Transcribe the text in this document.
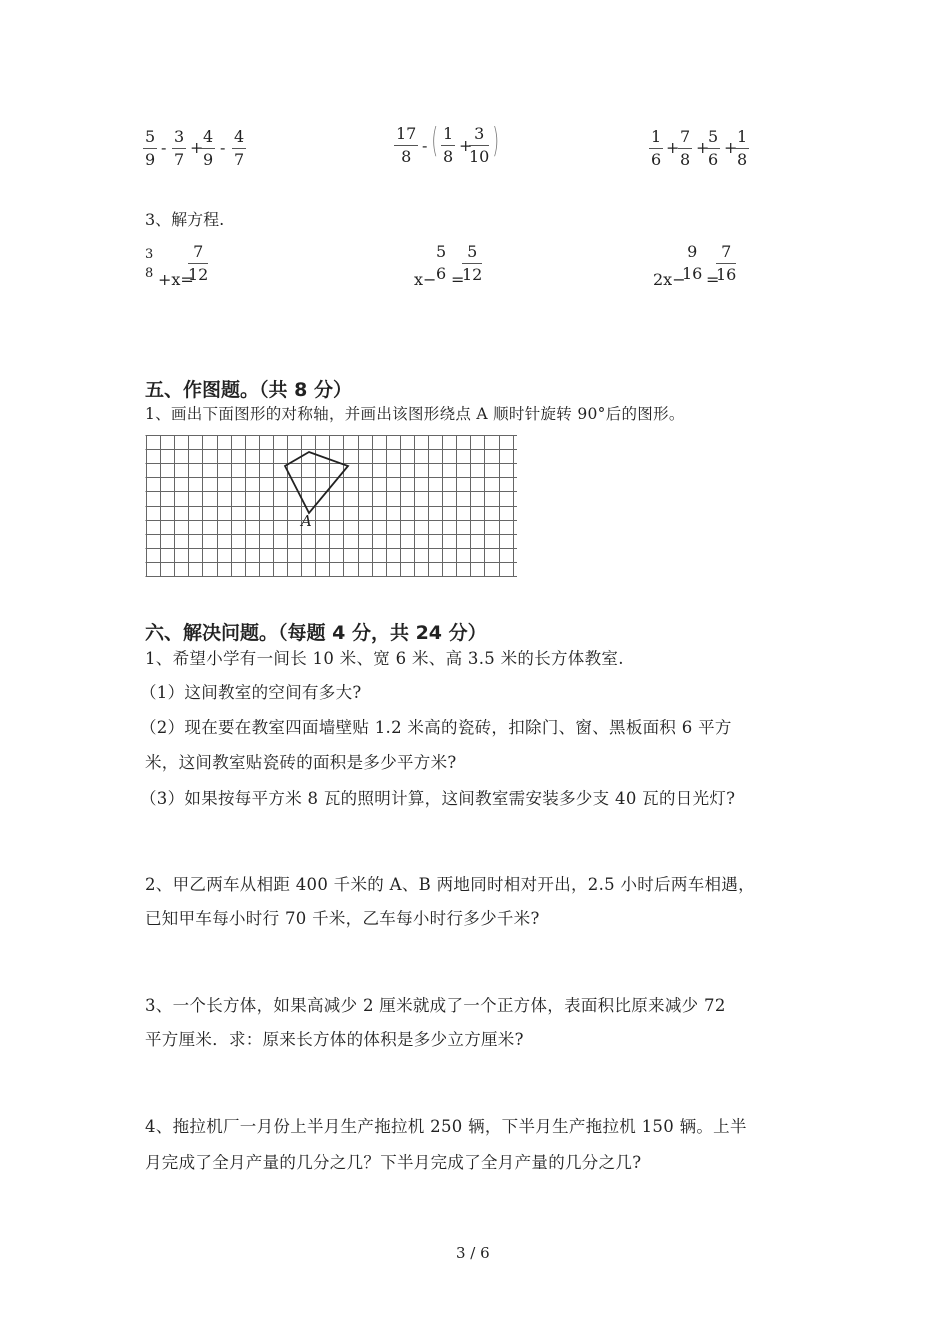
$\frac{5}{9} - \frac{3}{7}$ +
$\frac{4}{9} - \frac{4}{7}$	$\frac{17}{8}$ - ( $\frac{1}{8}$ +
$\frac{3}{10}$ )	$\frac{1}{6}$ +
$\frac{7}{8}$ +
$\frac{5}{6}$ +
$\frac{1}{8}$
3、解方程.
3
8 +x=
$\frac{7}{12}$	x−
5
6 =
$\frac{5}{12}$	2x−
9
16 =
$\frac{7}{16}$
五、作图题。（共 8 分）
1、画出下面图形的对称轴，并画出该图形绕点 A 顺时针旋转 90°后的图形。
A
六、解决问题。（每题 4 分，共 24 分）
1、希望小学有一间长 10 米、宽 6 米、高 3.5 米的长方体教室.
（1）这间教室的空间有多大?
（2）现在要在教室四面墙壁贴 1.2 米高的瓷砖，扣除门、窗、黑板面积 6 平方
米，这间教室贴瓷砖的面积是多少平方米?
（3）如果按每平方米 8 瓦的照明计算，这间教室需安装多少支 40 瓦的日光灯?
2、甲乙两车从相距 400 千米的 A、B 两地同时相对开出，2.5 小时后两车相遇，
已知甲车每小时行 70 千米，乙车每小时行多少千米?
3、一个长方体，如果高减少 2 厘米就成了一个正方体，表面积比原来减少 72
平方厘米．求：原来长方体的体积是多少立方厘米?
4、拖拉机厂一月份上半月生产拖拉机 250 辆，下半月生产拖拉机 150 辆。上半
月完成了全月产量的几分之几？下半月完成了全月产量的几分之几?
3 / 6
